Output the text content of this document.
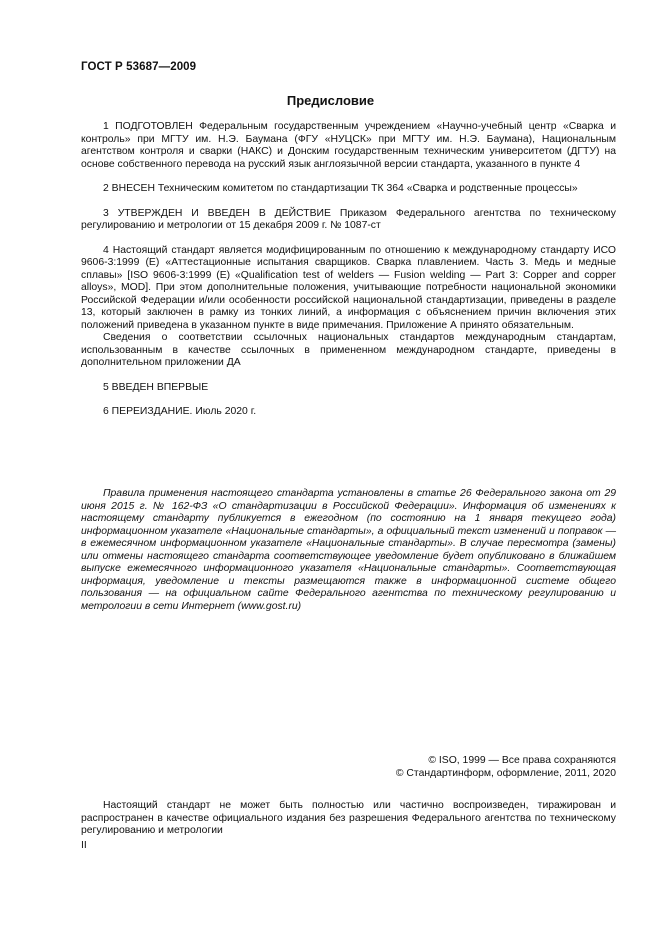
ГОСТ Р 53687—2009
Предисловие

1 ПОДГОТОВЛЕН Федеральным государственным учреждением «Научно-учебный центр «Сварка и контроль» при МГТУ им. Н.Э. Баумана (ФГУ «НУЦСК» при МГТУ им. Н.Э. Баумана), Национальным агентством контроля и сварки (НАКС) и Донским государственным техническим университетом (ДГТУ) на основе собственного перевода на русский язык англоязычной версии стандарта, указанного в пункте 4

2 ВНЕСЕН Техническим комитетом по стандартизации ТК 364 «Сварка и родственные процессы»

3 УТВЕРЖДЕН И ВВЕДЕН В ДЕЙСТВИЕ Приказом Федерального агентства по техническому регулированию и метрологии от 15 декабря 2009 г. № 1087-ст

4 Настоящий стандарт является модифицированным по отношению к международному стандарту ИСО 9606-3:1999 (Е) «Аттестационные испытания сварщиков. Сварка плавлением. Часть 3. Медь и медные сплавы» [ISO 9606-3:1999 (E) «Qualification test of welders — Fusion welding — Part 3: Copper and copper alloys», MOD]. При этом дополнительные положения, учитывающие потребности национальной экономики Российской Федерации и/или особенности российской национальной стандартизации, приведены в разделе 13, который заключен в рамку из тонких линий, а информация с объяснением причин включения этих положений приведена в указанном пункте в виде примечания. Приложение А принято обязательным.

Сведения о соответствии ссылочных национальных стандартов международным стандартам, использованным в качестве ссылочных в примененном международном стандарте, приведены в дополнительном приложении ДА

5 ВВЕДЕН ВПЕРВЫЕ

6 ПЕРЕИЗДАНИЕ. Июль 2020 г.

Правила применения настоящего стандарта установлены в статье 26 Федерального закона от 29 июня 2015 г. № 162-ФЗ «О стандартизации в Российской Федерации». Информация об изменениях к настоящему стандарту публикуется в ежегодном (по состоянию на 1 января текущего года) информационном указателе «Национальные стандарты», а официальный текст изменений и поправок — в ежемесячном информационном указателе «Национальные стандарты». В случае пересмотра (замены) или отмены настоящего стандарта соответствующее уведомление будет опубликовано в ближайшем выпуске ежемесячного информационного указателя «Национальные стандарты». Соответствующая информация, уведомление и тексты размещаются также в информационной системе общего пользования — на официальном сайте Федерального агентства по техническому регулированию и метрологии в сети Интернет (www.gost.ru)

© ISO, 1999 — Все права сохраняются
© Стандартинформ, оформление, 2011, 2020

Настоящий стандарт не может быть полностью или частично воспроизведен, тиражирован и распространен в качестве официального издания без разрешения Федерального агентства по техническому регулированию и метрологии

II
